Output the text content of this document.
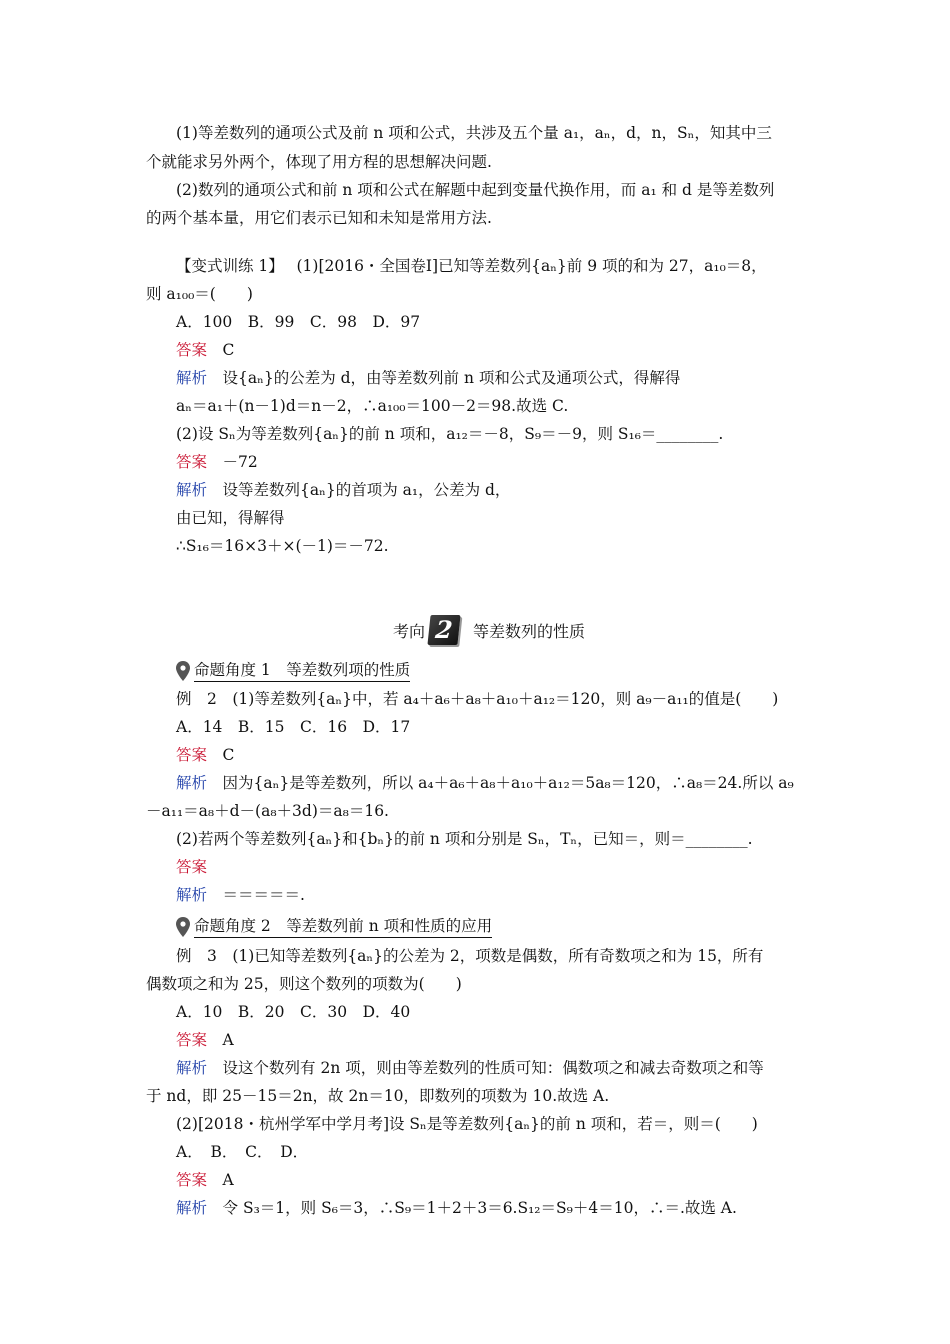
(1)等差数列的通项公式及前 n 项和公式，共涉及五个量 a₁，aₙ，d，n，Sₙ，知其中三
个就能求另外两个，体现了用方程的思想解决问题.
(2)数列的通项公式和前 n 项和公式在解题中起到变量代换作用，而 a₁ 和 d 是等差数列
的两个基本量，用它们表示已知和未知是常用方法.
【变式训练 1】　 (1)[2016・全国卷Ⅰ]已知等差数列{aₙ}前 9 项的和为 27，a₁₀＝8，
则 a₁₀₀＝(　　)
A．100　B．99　C．98　D．97
答案　 C
解析　 设{aₙ}的公差为 d，由等差数列前 n 项和公式及通项公式，得解得
aₙ＝a₁＋(n－1)d＝n－2，∴a₁₀₀＝100－2＝98.故选 C.
(2)设 Sₙ为等差数列{aₙ}的前 n 项和，a₁₂＝－8，S₉＝－9，则 S₁₆＝________.
答案　 －72
解析　 设等差数列{aₙ}的首项为 a₁，公差为 d，
由已知，得解得
∴S₁₆＝16×3＋×(－1)＝－72.
考向 2	等差数列的性质
命题角度 1　等差数列项的性质
例　2　(1)等差数列{aₙ}中，若 a₄＋a₆＋a₈＋a₁₀＋a₁₂＝120，则 a₉－a₁₁的值是(　　)
A．14　B．15　C．16　D．17
答案　 C
解析　 因为{aₙ}是等差数列，所以 a₄＋a₆＋a₈＋a₁₀＋a₁₂＝5a₈＝120，∴a₈＝24.所以 a₉
－a₁₁＝a₈＋d－(a₈＋3d)＝a₈＝16.
(2)若两个等差数列{aₙ}和{bₙ}的前 n 项和分别是 Sₙ，Tₙ，已知＝，则＝________.
答案
解析　 ＝＝＝＝＝.
命题角度 2　等差数列前 n 项和性质的应用
例　3　(1)已知等差数列{aₙ}的公差为 2，项数是偶数，所有奇数项之和为 15，所有
偶数项之和为 25，则这个数列的项数为(　　)
A．10　B．20　C．30　D．40
答案　 A
解析　 设这个数列有 2n 项，则由等差数列的性质可知：偶数项之和减去奇数项之和等
于 nd，即 25－15＝2n，故 2n＝10，即数列的项数为 10.故选 A.
(2)[2018・杭州学军中学月考]设 Sₙ是等差数列{aₙ}的前 n 项和，若＝，则＝(　　)
A．　B．　C．　D．
答案　 A
解析　 令 S₃＝1，则 S₆＝3，∴S₉＝1＋2＋3＝6.S₁₂＝S₉＋4＝10，∴＝.故选 A.
